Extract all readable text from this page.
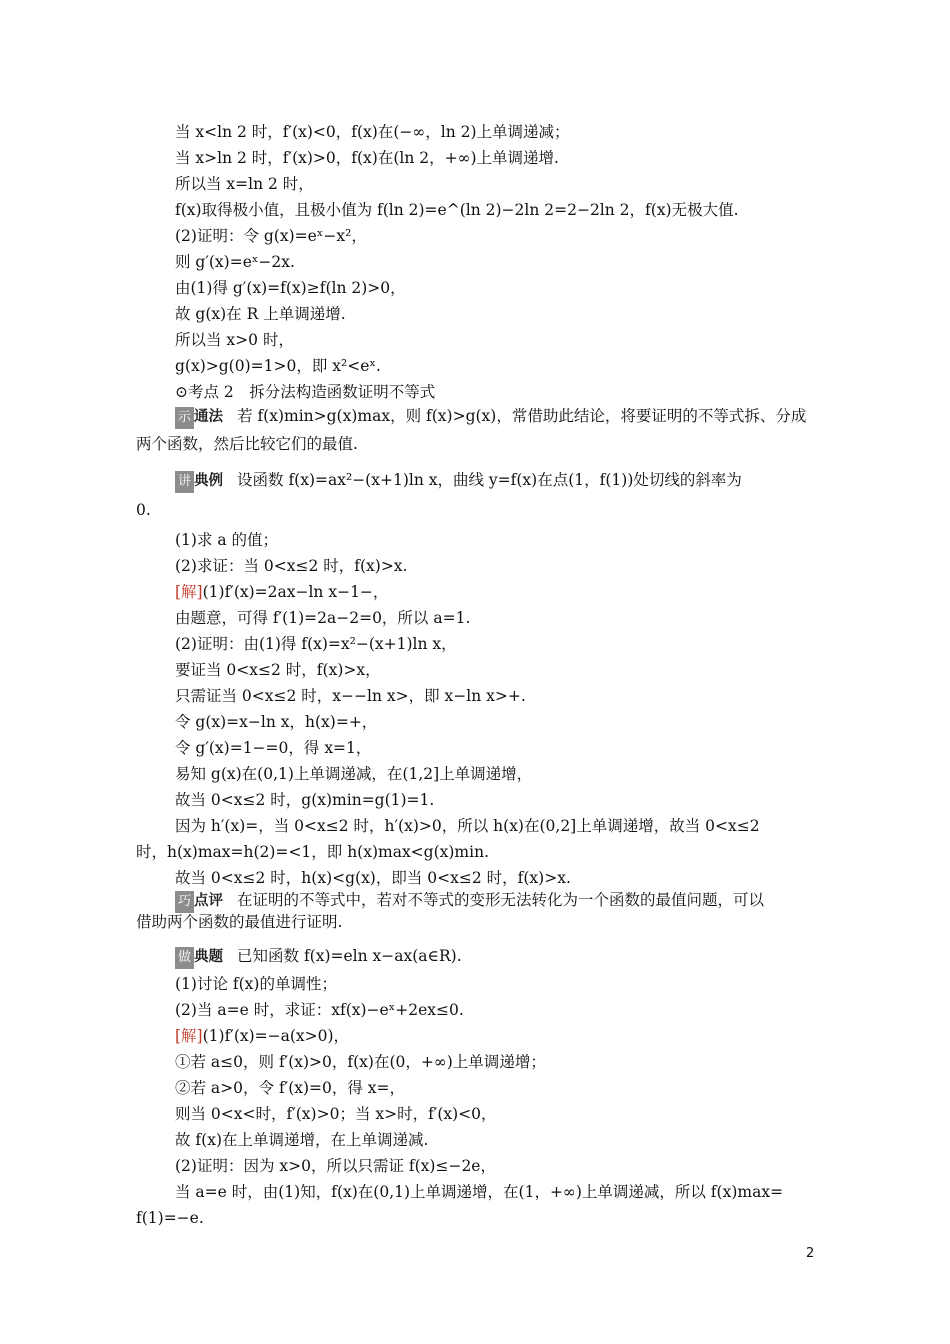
当 x<ln 2 时，f′(x)<0，f(x)在(−∞，ln 2)上单调递减；
当 x>ln 2 时，f′(x)>0，f(x)在(ln 2，+∞)上单调递增.
所以当 x=ln 2 时，
f(x)取得极小值，且极小值为 f(ln 2)=e^(ln 2)−2ln 2=2−2ln 2，f(x)无极大值.
(2)证明：令 g(x)=eˣ−x²，
则 g′(x)=eˣ−2x.
由(1)得 g′(x)=f(x)≥f(ln 2)>0，
故 g(x)在 R 上单调递增.
所以当 x>0 时，
g(x)>g(0)=1>0，即 x²<eˣ.
⊙考点 2　拆分法构造函数证明不等式
示 通法 若 f(x)min>g(x)max，则 f(x)>g(x)，常借助此结论，将要证明的不等式拆、分成
两个函数，然后比较它们的最值.
讲 典例 设函数 f(x)=ax²−(x+1)ln x，曲线 y=f(x)在点(1，f(1))处切线的斜率为
0.
(1)求 a 的值；
(2)求证：当 0<x≤2 时，f(x)>x.
[解](1)f′(x)=2ax−ln x−1−，
由题意，可得 f′(1)=2a−2=0，所以 a=1.
(2)证明：由(1)得 f(x)=x²−(x+1)ln x，
要证当 0<x≤2 时，f(x)>x，
只需证当 0<x≤2 时，x−−ln x>，即 x−ln x>+.
令 g(x)=x−ln x，h(x)=+，
令 g′(x)=1−=0，得 x=1，
易知 g(x)在(0,1)上单调递减，在(1,2]上单调递增，
故当 0<x≤2 时，g(x)min=g(1)=1.
因为 h′(x)=，当 0<x≤2 时，h′(x)>0，所以 h(x)在(0,2]上单调递增，故当 0<x≤2
时，h(x)max=h(2)=<1，即 h(x)max<g(x)min.
故当 0<x≤2 时，h(x)<g(x)，即当 0<x≤2 时，f(x)>x.
巧 点评 在证明的不等式中，若对不等式的变形无法转化为一个函数的最值问题，可以
借助两个函数的最值进行证明.
做 典题 已知函数 f(x)=eln x−ax(a∈R).
(1)讨论 f(x)的单调性；
(2)当 a=e 时，求证：xf(x)−eˣ+2ex≤0.
[解](1)f′(x)=−a(x>0)，
①若 a≤0，则 f′(x)>0，f(x)在(0，+∞)上单调递增；
②若 a>0，令 f′(x)=0，得 x=，
则当 0<x<时，f′(x)>0；当 x>时，f′(x)<0，
故 f(x)在上单调递增，在上单调递减.
(2)证明：因为 x>0，所以只需证 f(x)≤−2e，
当 a=e 时，由(1)知，f(x)在(0,1)上单调递增，在(1，+∞)上单调递减，所以 f(x)max=
f(1)=−e.
2
